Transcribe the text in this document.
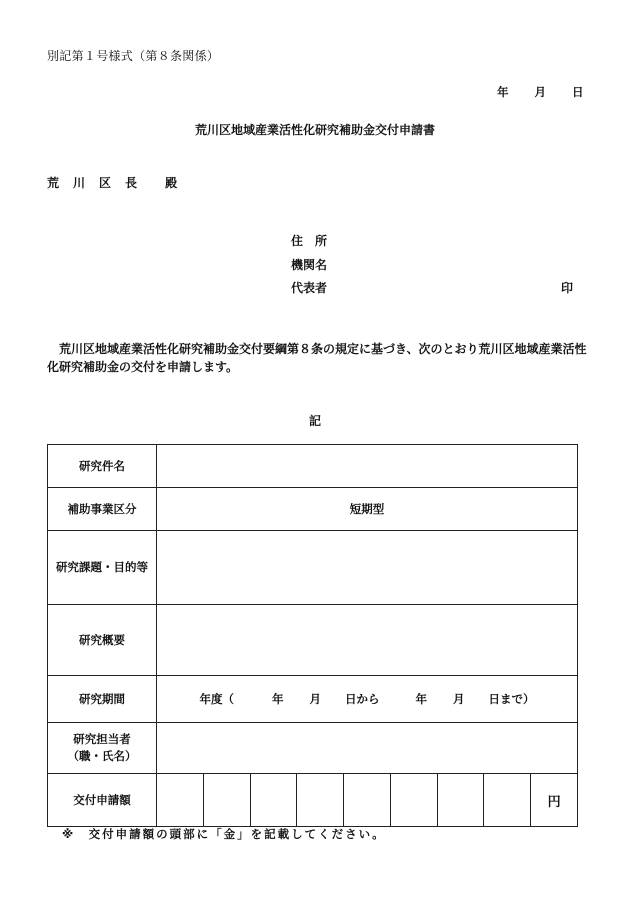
別記第１号様式（第８条関係）
年 月 日
荒川区地域産業活性化研究補助金交付申請書
荒 川 区 長 殿
住　所
機関名
代表者	印
荒川区地域産業活性化研究補助金交付要綱第８条の規定に基づき、次のとおり荒川区地域産業活性化研究補助金の交付を申請します。
記
研究件名	
補助事業区分	短期型
研究課題・目的等	
研究概要	
研究期間	年度（ 年 月 日から 年 月 日まで）

研究担当者
（職・氏名）	

交付申請額	円
※　交付申請額の頭部に「金」を記載してください。
